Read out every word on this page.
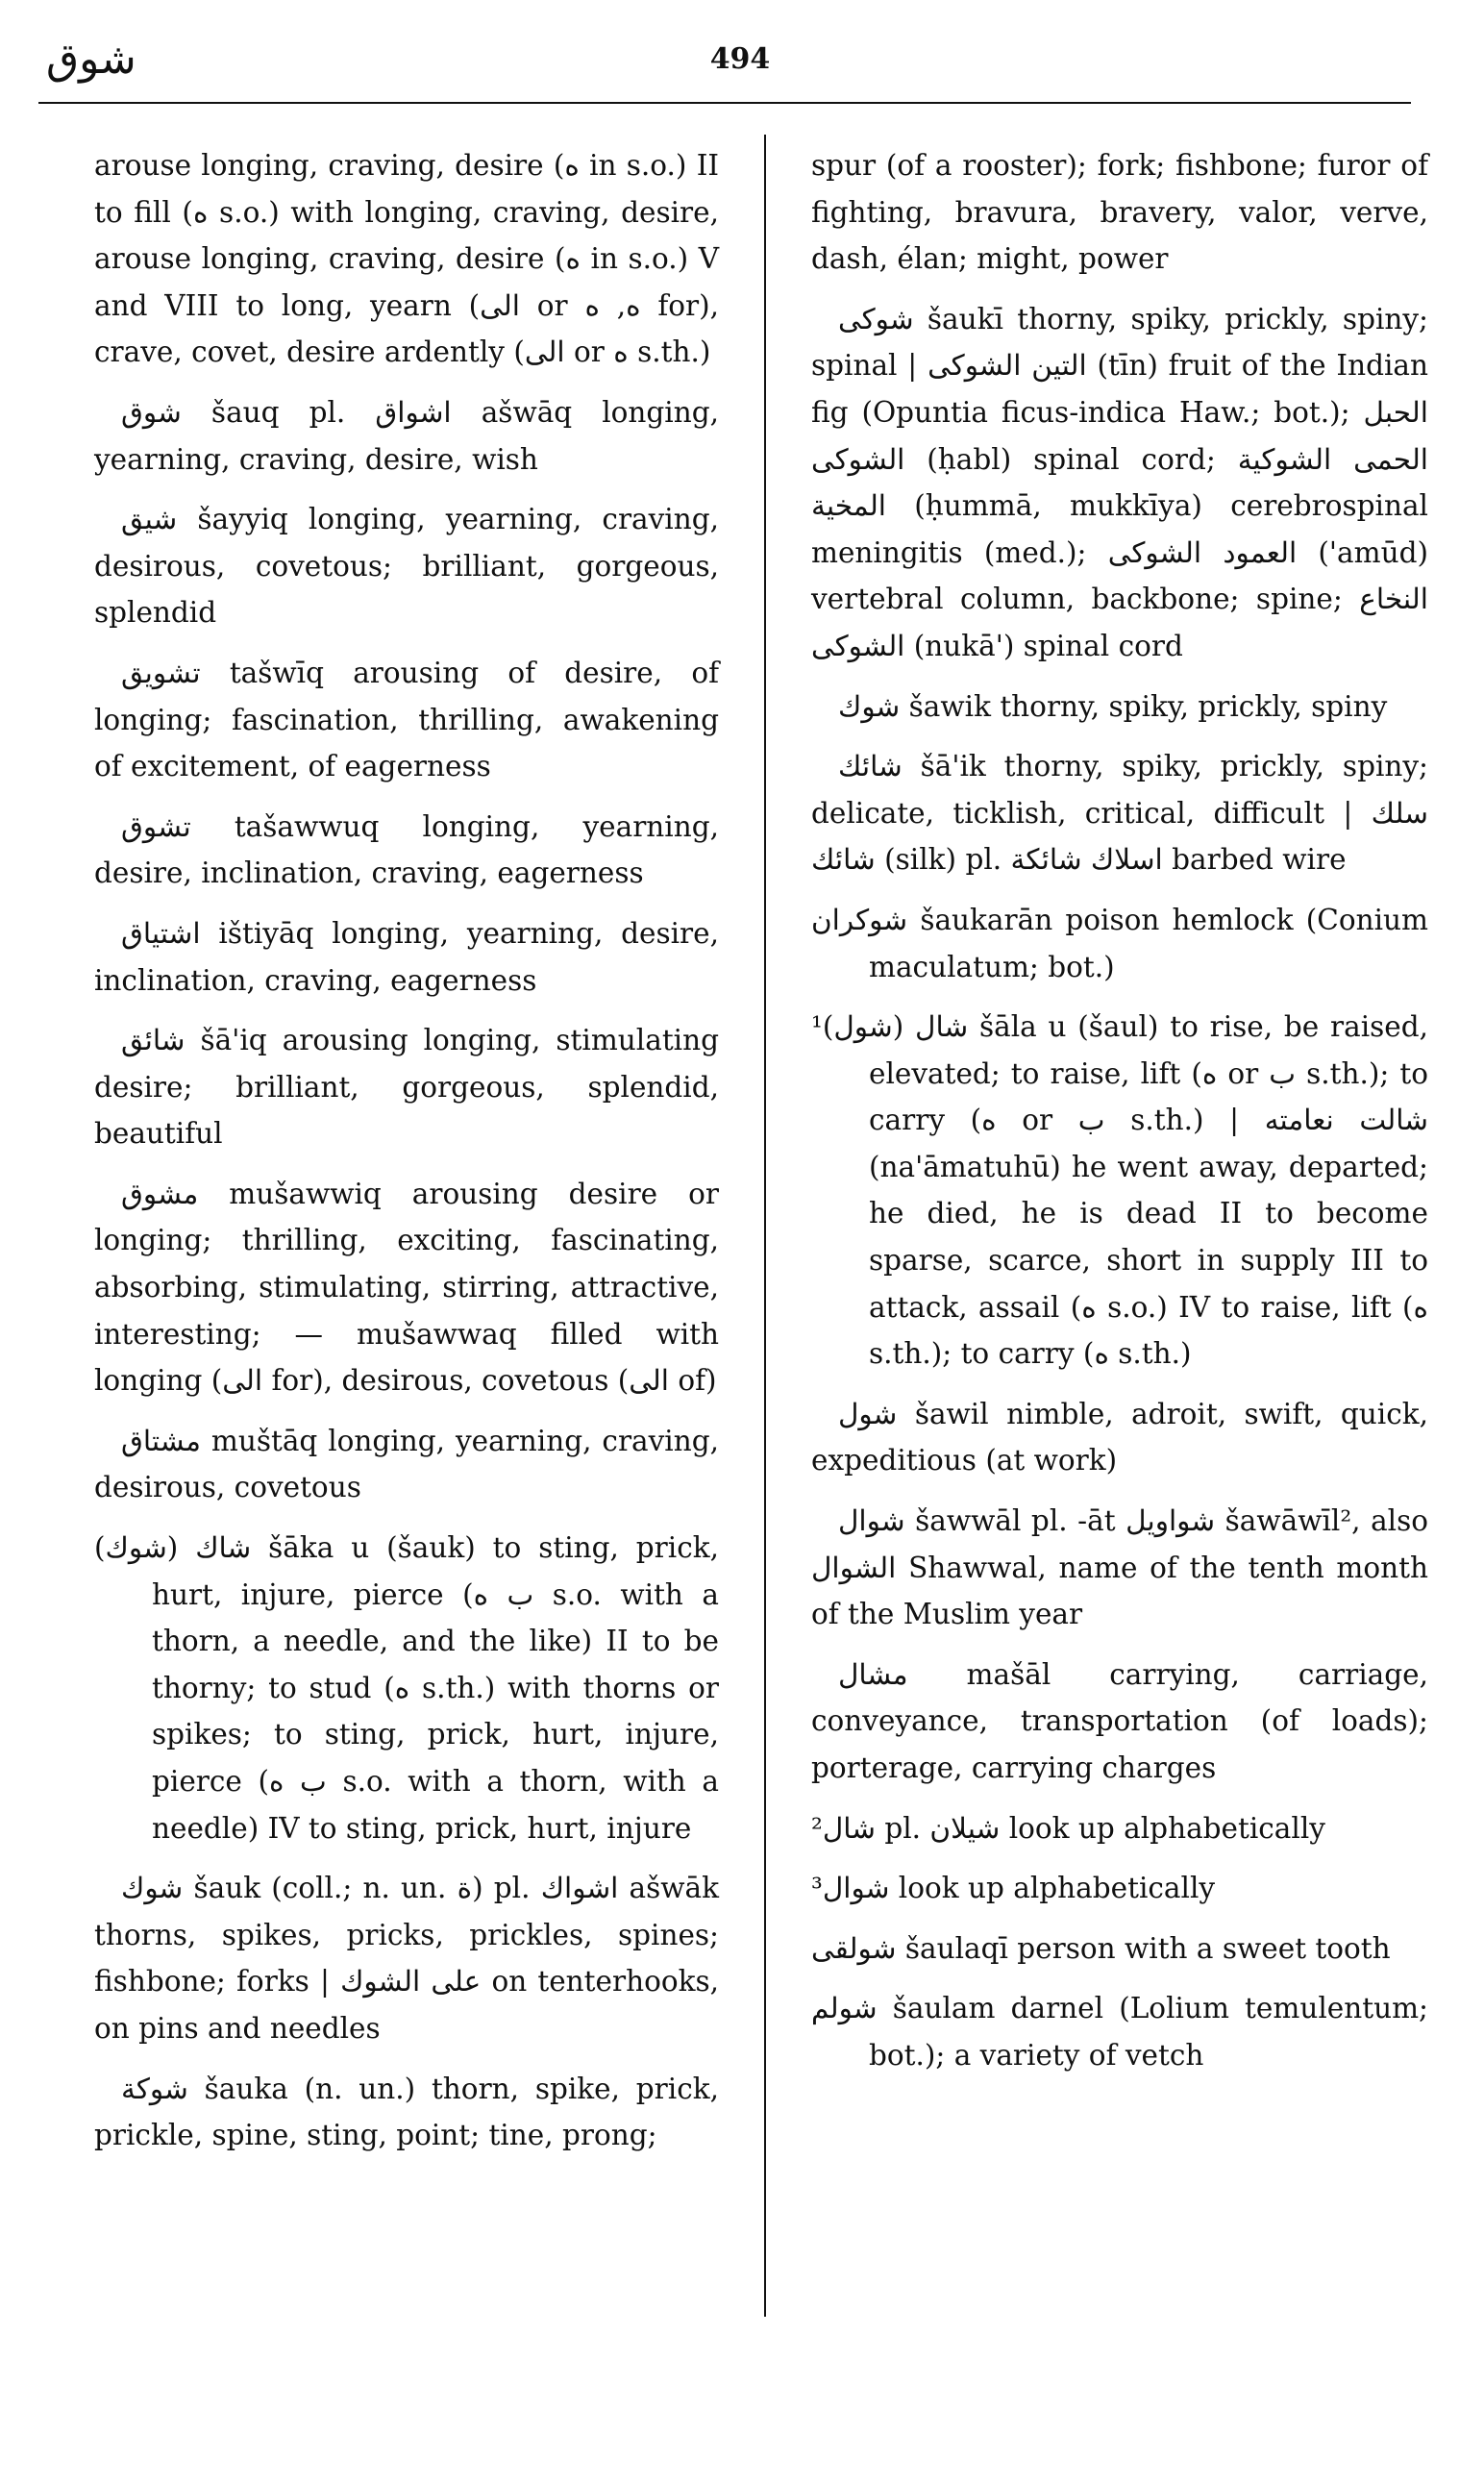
شوق	494

arouse longing, craving, desire (ه in s.o.) II to fill (ه s.o.) with longing, craving, desire, arouse longing, craving, desire (ه in s.o.) V and VIII to long, yearn (الى or ه, ه for), crave, covet, desire ardently (الى or ه s.th.)

شوق šauq pl. اشواق ašwāq longing, yearning, craving, desire, wish

شيق šayyiq longing, yearning, craving, desirous, covetous; brilliant, gorgeous, splendid

تشويق tašwīq arousing of desire, of longing; fascination, thrilling, awakening of excitement, of eagerness

تشوق tašawwuq longing, yearning, desire, inclination, craving, eagerness

اشتياق ištiyāq longing, yearning, desire, inclination, craving, eagerness

شائق šā'iq arousing longing, stimulating desire; brilliant, gorgeous, splendid, beautiful

مشوق mušawwiq arousing desire or longing; thrilling, exciting, fascinating, absorbing, stimulating, stirring, attractive, interesting; — mušawwaq filled with longing (الى for), desirous, covetous (الى of)

مشتاق muštāq longing, yearning, craving, desirous, covetous

(شوك) شاك šāka u (šauk) to sting, prick, hurt, injure, pierce (ب ه s.o. with a thorn, a needle, and the like) II to be thorny; to stud (ه s.th.) with thorns or spikes; to sting, prick, hurt, injure, pierce (ب ه s.o. with a thorn, with a needle) IV to sting, prick, hurt, injure

شوك šauk (coll.; n. un. ة) pl. اشواك ašwāk thorns, spikes, pricks, prickles, spines; fishbone; forks | على الشوك on tenterhooks, on pins and needles

شوكة šauka (n. un.) thorn, spike, prick, prickle, spine, sting, point; tine, prong;

spur (of a rooster); fork; fishbone; furor of fighting, bravura, bravery, valor, verve, dash, élan; might, power

شوكى šaukī thorny, spiky, prickly, spiny; spinal | التين الشوكى (tīn) fruit of the Indian fig (Opuntia ficus-indica Haw.; bot.); الحبل الشوكى (ḥabl) spinal cord; الحمى الشوكية المخية (ḥummā, mukkīya) cerebrospinal meningitis (med.); العمود الشوكى ('amūd) vertebral column, backbone; spine; النخاع الشوكى (nukā') spinal cord

شوك šawik thorny, spiky, prickly, spiny

شائك šā'ik thorny, spiky, prickly, spiny; delicate, ticklish, critical, difficult | سلك شائك (silk) pl. اسلاك شائكة barbed wire

شوكران šaukarān poison hemlock (Conium maculatum; bot.)

¹(شول) شال šāla u (šaul) to rise, be raised, elevated; to raise, lift (ه or ب s.th.); to carry (ه or ب s.th.) | شالت نعامته (na'āmatuhū) he went away, departed; he died, he is dead II to become sparse, scarce, short in supply III to attack, assail (ه s.o.) IV to raise, lift (ه s.th.); to carry (ه s.th.)

شول šawil nimble, adroit, swift, quick, expeditious (at work)

شوال šawwāl pl. -āt شواويل šawāwīl², also الشوال Shawwal, name of the tenth month of the Muslim year

مشال mašāl carrying, carriage, conveyance, transportation (of loads); porterage, carrying charges

²شال pl. شيلان look up alphabetically

³شوال look up alphabetically

شولقى šaulaqī person with a sweet tooth

شولم šaulam darnel (Lolium temulentum; bot.); a variety of vetch
